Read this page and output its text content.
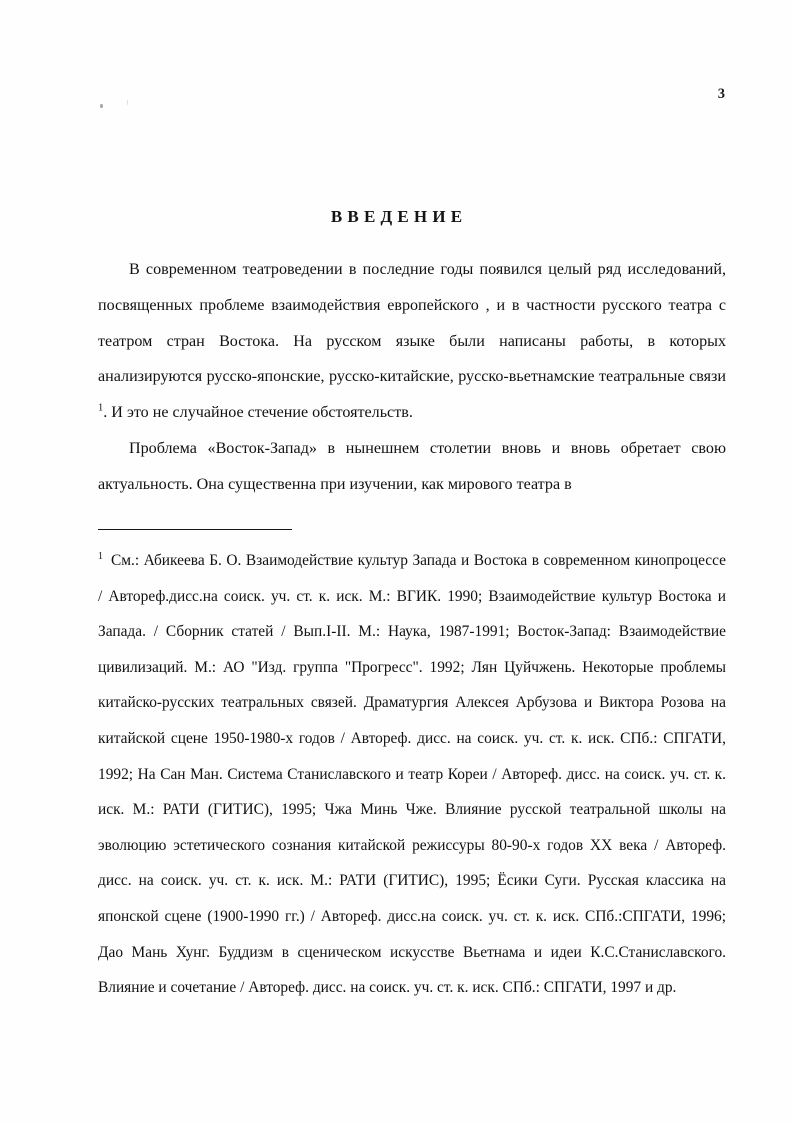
3
ВВЕДЕНИЕ

В современном театроведении в последние годы появился целый ряд исследований, посвященных проблеме взаимодействия европейского , и в частности русского театра с театром стран Востока. На русском языке были написаны работы, в которых анализируются русско-японские, русско-китайские, русско-вьетнамские театральные связи $^1$. И это не случайное стечение обстоятельств.

Проблема «Восток-Запад» в нынешнем столетии вновь и вновь обретает свою актуальность. Она существенна при изучении, как мирового театра в

$^1$ См.: Абикеева Б. О. Взаимодействие культур Запада и Востока в современном кинопроцессе / Автореф.дисс.на соиск. уч. ст. к. иск. М.: ВГИК. 1990; Взаимодействие культур Востока и Запада. / Сборник статей / Вып.I-II. М.: Наука, 1987-1991; Восток-Запад: Взаимодействие цивилизаций. М.: АО "Изд. группа "Прогресс". 1992; Лян Цуйчжень. Некоторые проблемы китайско-русских театральных связей. Драматургия Алексея Арбузова и Виктора Розова на китайской сцене 1950-1980-х годов / Автореф. дисс. на соиск. уч. ст. к. иск. СПб.: СПГАТИ, 1992; На Сан Ман. Система Станиславского и театр Кореи / Автореф. дисс. на соиск. уч. ст. к. иск. М.: РАТИ (ГИТИС), 1995; Чжа Минь Чже. Влияние русской театральной школы на эволюцию эстетического сознания китайской режиссуры 80-90-х годов XX века / Автореф. дисс. на соиск. уч. ст. к. иск. М.: РАТИ (ГИТИС), 1995; Ёсики Суги. Русская классика на японской сцене (1900-1990 гг.) / Автореф. дисс.на соиск. уч. ст. к. иск. СПб.:СПГАТИ, 1996; Дао Мань Хунг. Буддизм в сценическом искусстве Вьетнама и идеи К.С.Станиславского. Влияние и сочетание / Автореф. дисс. на соиск. уч. ст. к. иск. СПб.: СПГАТИ, 1997 и др.
